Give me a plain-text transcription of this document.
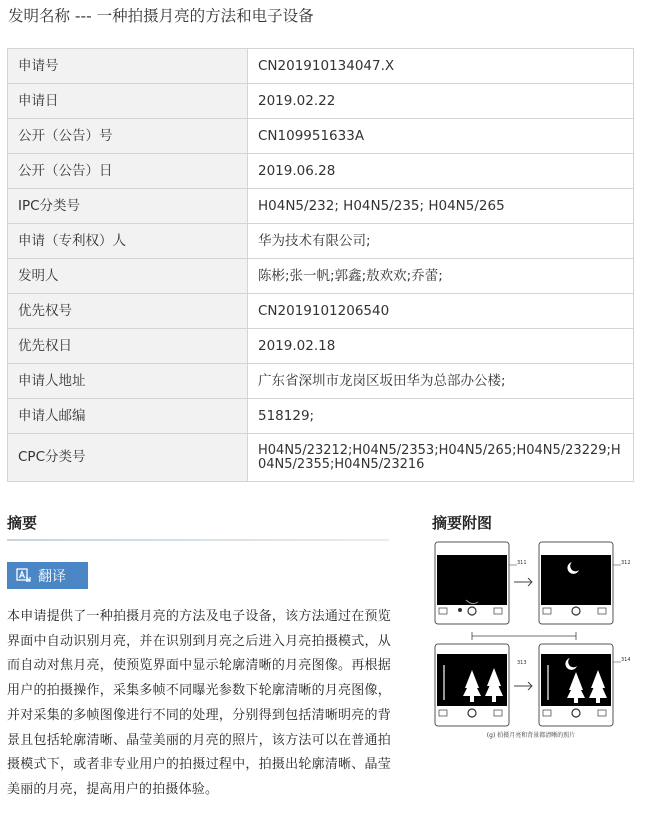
发明名称 --- 一种拍摄月亮的方法和电子设备
申请号	CN201910134047.X
申请日	2019.02.22
公开（公告）号	CN109951633A
公开（公告）日	2019.06.28
IPC分类号	H04N5/232; H04N5/235; H04N5/265
申请（专利权）人	华为技术有限公司;
发明人	陈彬;张一帆;郭鑫;敖欢欢;乔蕾;
优先权号	CN2019101206540
优先权日	2019.02.18
申请人地址	广东省深圳市龙岗区坂田华为总部办公楼;
申请人邮编	518129;
CPC分类号	H04N5/23212;H04N5/2353;H04N5/265;H04N5/23229;H04N5/2355;H04N5/23216
摘要	摘要附图
翻译
本申请提供了一种拍摄月亮的方法及电子设备，该方法通过在预览界面中自动识别月亮，并在识别到月亮之后进入月亮拍摄模式，从而自动对焦月亮，使预览界面中显示轮廓清晰的月亮图像。再根据用户的拍摄操作，采集多帧不同曝光参数下轮廓清晰的月亮图像，并对采集的多帧图像进行不同的处理，分别得到包括清晰明亮的背景且包括轮廓清晰、晶莹美丽的月亮的照片，该方法可以在普通拍摄模式下，或者非专业用户的拍摄过程中，拍摄出轮廓清晰、晶莹美丽的月亮，提高用户的拍摄体验。
311	312
313	314
(g) 拍摄月亮和背景都清晰的照片
